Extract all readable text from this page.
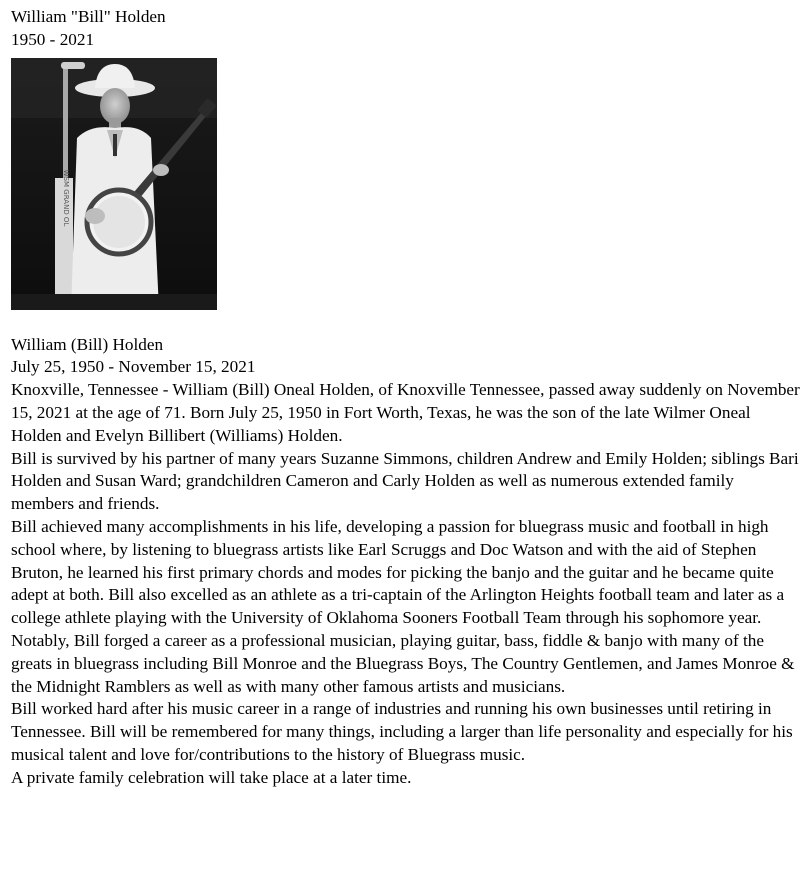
William "Bill" Holden

1950 - 2021

WSM GRAND OL

William (Bill) Holden

July 25, 1950 - November 15, 2021

Knoxville, Tennessee - William (Bill) Oneal Holden, of Knoxville Tennessee, passed away suddenly on November 15, 2021 at the age of 71. Born July 25, 1950 in Fort Worth, Texas, he was the son of the late Wilmer Oneal Holden and Evelyn Billibert (Williams) Holden.

Bill is survived by his partner of many years Suzanne Simmons, children Andrew and Emily Holden; siblings Bari Holden and Susan Ward; grandchildren Cameron and Carly Holden as well as numerous extended family members and friends.

Bill achieved many accomplishments in his life, developing a passion for bluegrass music and football in high school where, by listening to bluegrass artists like Earl Scruggs and Doc Watson and with the aid of Stephen Bruton, he learned his first primary chords and modes for picking the banjo and the guitar and he became quite adept at both. Bill also excelled as an athlete as a tri-captain of the Arlington Heights football team and later as a college athlete playing with the University of Oklahoma Sooners Football Team through his sophomore year. Notably, Bill forged a career as a professional musician, playing guitar, bass, fiddle & banjo with many of the greats in bluegrass including Bill Monroe and the Bluegrass Boys, The Country Gentlemen, and James Monroe & the Midnight Ramblers as well as with many other famous artists and musicians.

Bill worked hard after his music career in a range of industries and running his own businesses until retiring in Tennessee. Bill will be remembered for many things, including a larger than life personality and especially for his musical talent and love for/contributions to the history of Bluegrass music.

A private family celebration will take place at a later time.
